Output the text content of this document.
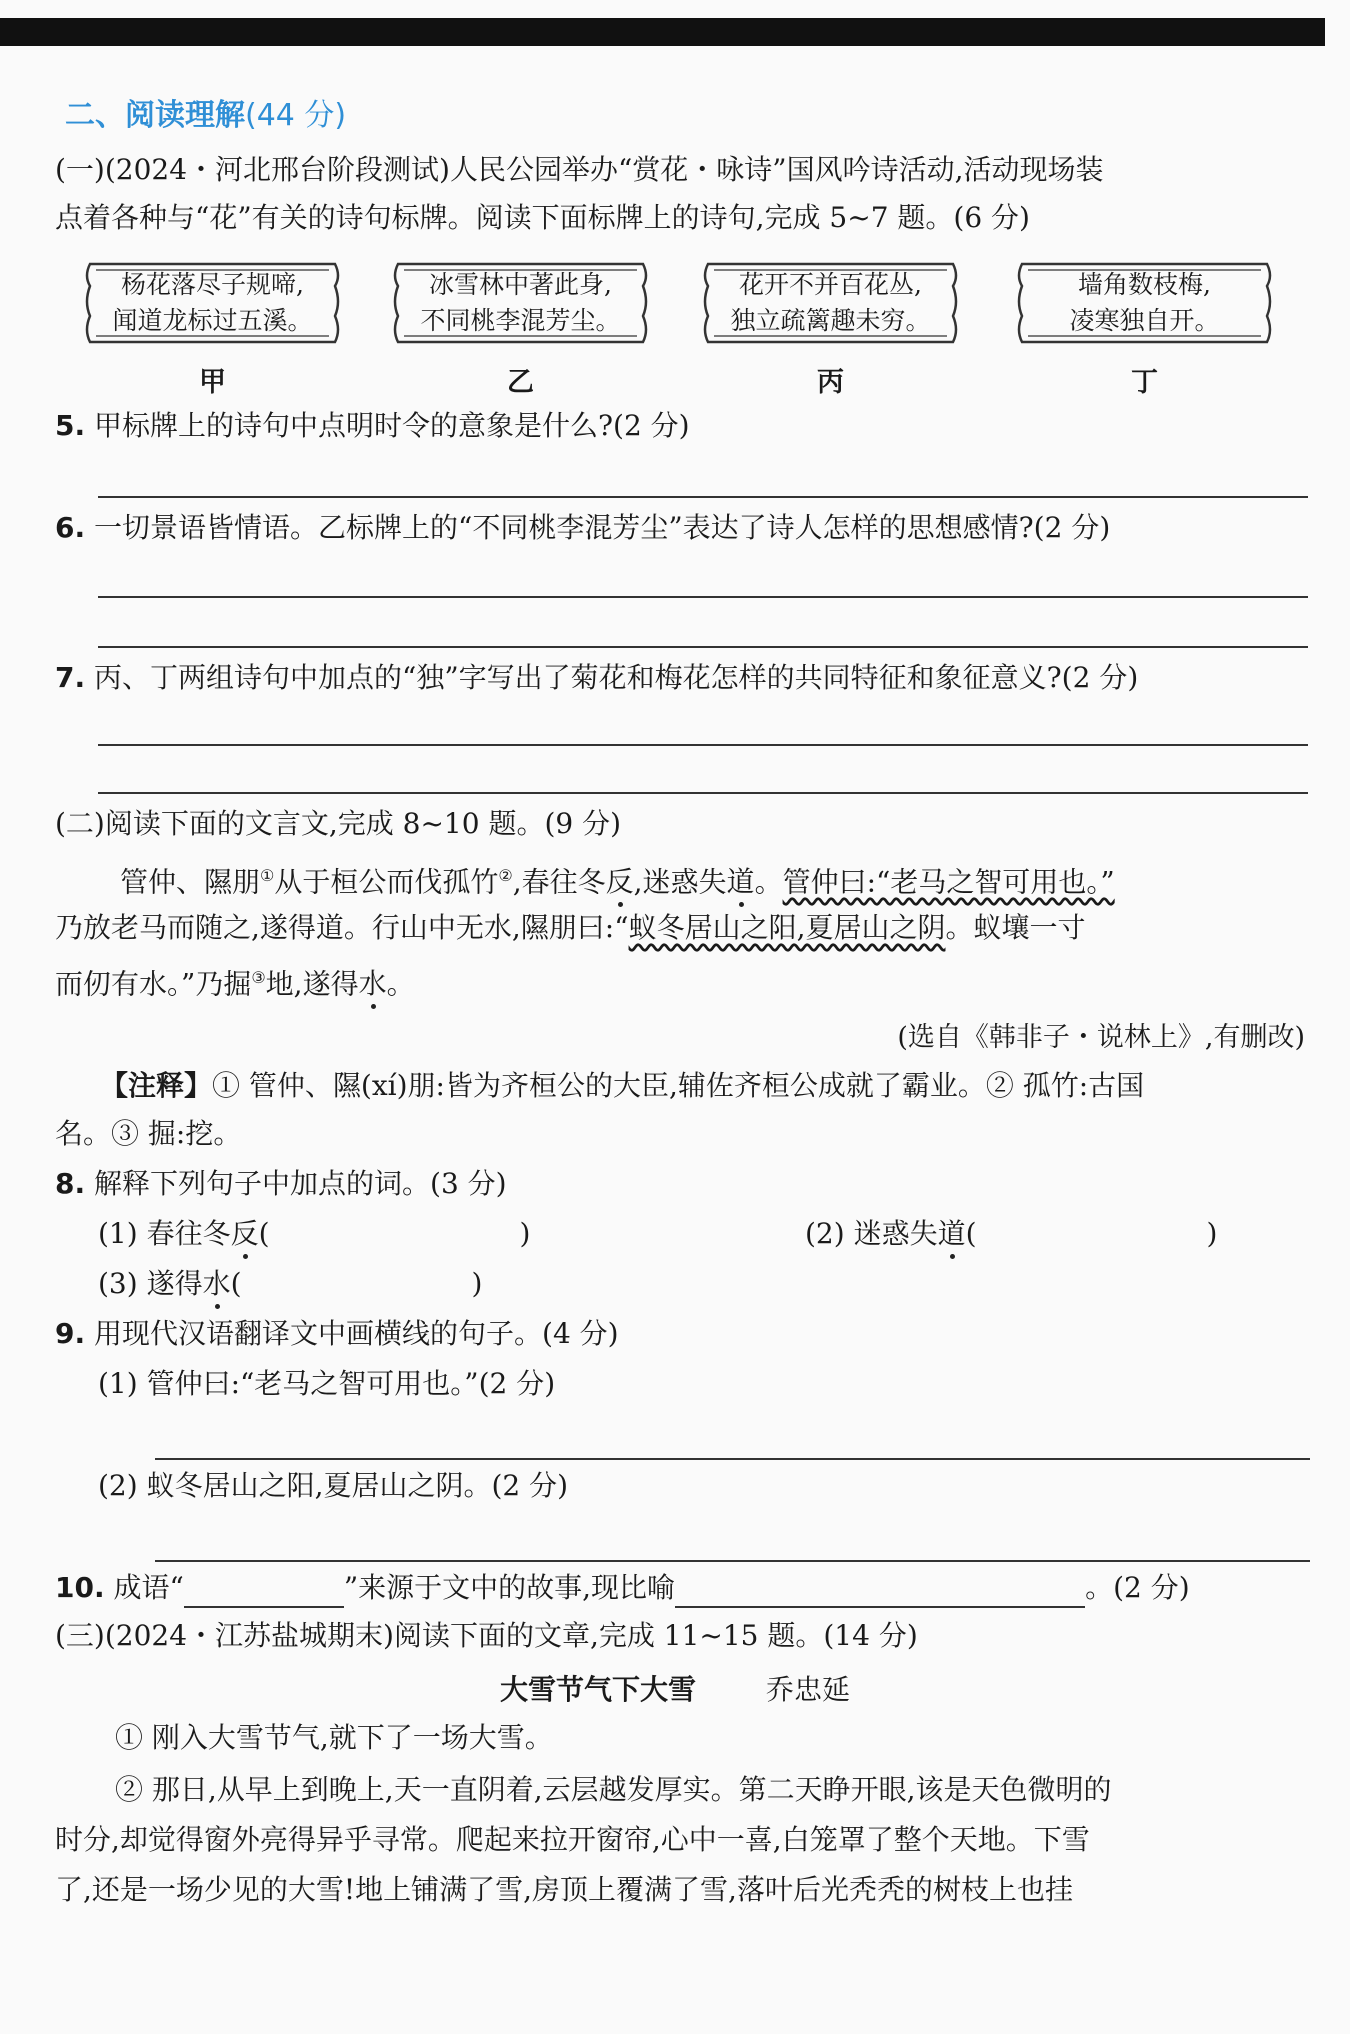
二、阅读理解(44 分)
(一)(2024・河北邢台阶段测试)人民公园举办“赏花・咏诗”国风吟诗活动,活动现场装
点着各种与“花”有关的诗句标牌。阅读下面标牌上的诗句,完成 5~7 题。(6 分)
杨花落尽子规啼,
闻道龙标过五溪。
冰雪林中著此身,
不同桃李混芳尘。
花开不并百花丛,
独立疏篱趣未穷。
墙角数枝梅,
凌寒独自开。
甲	乙	丙	丁
5. 甲标牌上的诗句中点明时令的意象是什么?(2 分)
6. 一切景语皆情语。乙标牌上的“不同桃李混芳尘”表达了诗人怎样的思想感情?(2 分)
7. 丙、丁两组诗句中加点的“独”字写出了菊花和梅花怎样的共同特征和象征意义?(2 分)
(二)阅读下面的文言文,完成 8~10 题。(9 分)
管仲、隰朋①从于桓公而伐孤竹②,春往冬反,迷惑失道。管仲曰:“老马之智可用也。”
乃放老马而随之,遂得道。行山中无水,隰朋曰:“蚁冬居山之阳,夏居山之阴。蚁壤一寸
而仞有水。”乃掘③地,遂得水。
(选自《韩非子・说林上》,有删改)
【注释】① 管仲、隰(xí)朋:皆为齐桓公的大臣,辅佐齐桓公成就了霸业。② 孤竹:古国
名。③ 掘:挖。
8. 解释下列句子中加点的词。(3 分)
(1) 春往冬反(	)	(2) 迷惑失道(	)
(3) 遂得水(	)
9. 用现代汉语翻译文中画横线的句子。(4 分)
(1) 管仲曰:“老马之智可用也。”(2 分)
(2) 蚁冬居山之阳,夏居山之阴。(2 分)
10. 成语“	”来源于文中的故事,现比喻	。(2 分)
(三)(2024・江苏盐城期末)阅读下面的文章,完成 11~15 题。(14 分)
大雪节气下大雪	乔忠延
① 刚入大雪节气,就下了一场大雪。
② 那日,从早上到晚上,天一直阴着,云层越发厚实。第二天睁开眼,该是天色微明的
时分,却觉得窗外亮得异乎寻常。爬起来拉开窗帘,心中一喜,白笼罩了整个天地。下雪
了,还是一场少见的大雪!地上铺满了雪,房顶上覆满了雪,落叶后光秃秃的树枝上也挂
